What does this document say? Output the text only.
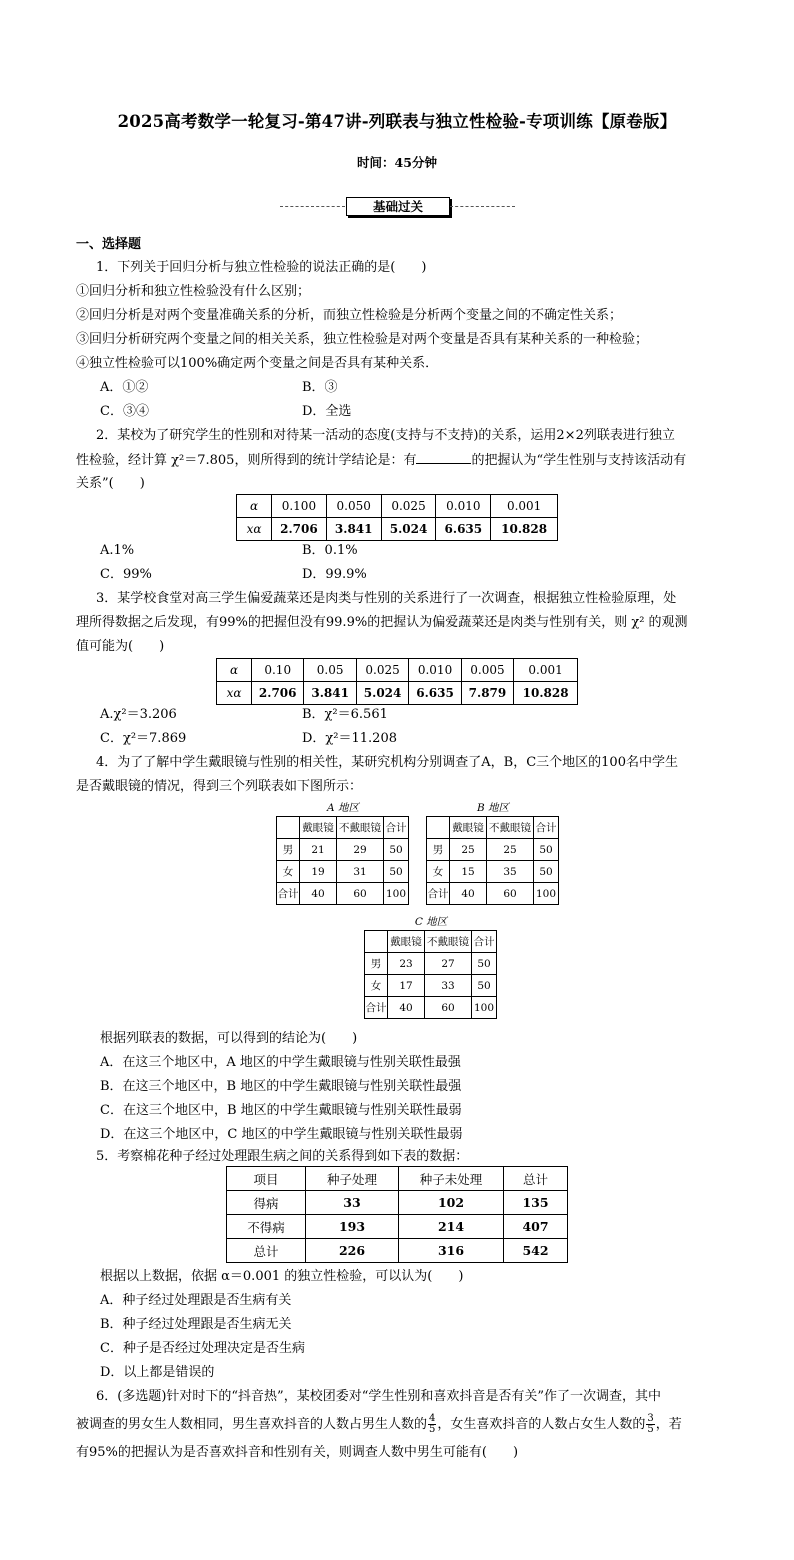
2025高考数学一轮复习-第47讲-列联表与独立性检验-专项训练【原卷版】
时间：45分钟
基础过关
一、选择题
1．下列关于回归分析与独立性检验的说法正确的是(　　)
①回归分析和独立性检验没有什么区别；
②回归分析是对两个变量准确关系的分析，而独立性检验是分析两个变量之间的不确定性关系；
③回归分析研究两个变量之间的相关关系，独立性检验是对两个变量是否具有某种关系的一种检验；
④独立性检验可以100%确定两个变量之间是否具有某种关系．
A．①②	B．③
C．③④	D．全选
2．某校为了研究学生的性别和对待某一活动的态度(支持与不支持)的关系，运用2×2列联表进行独立
性检验，经计算 χ²＝7.805，则所得到的统计学结论是：有	的把握认为“学生性别与支持该活动有
关系”(　　)
α	0.100	0.050	0.025	0.010	0.001
xα	2.706	3.841	5.024	6.635	10.828
A.1%	B．0.1%
C．99%	D．99.9%
3．某学校食堂对高三学生偏爱蔬菜还是肉类与性别的关系进行了一次调查，根据独立性检验原理，处
理所得数据之后发现，有99%的把握但没有99.9%的把握认为偏爱蔬菜还是肉类与性别有关，则 χ² 的观测
值可能为(　　)
α	0.10	0.05	0.025	0.010	0.005	0.001
xα	2.706	3.841	5.024	6.635	7.879	10.828
A.χ²＝3.206	B．χ²＝6.561
C．χ²＝7.869	D．χ²＝11.208
4．为了了解中学生戴眼镜与性别的相关性，某研究机构分别调查了A，B，C三个地区的100名中学生
是否戴眼镜的情况，得到三个列联表如下图所示：
A 地区
	戴眼镜	不戴眼镜	合计
男	21	29	50
女	19	31	50
合计	40	60	100
B 地区
	戴眼镜	不戴眼镜	合计
男	25	25	50
女	15	35	50
合计	40	60	100
C 地区
	戴眼镜	不戴眼镜	合计
男	23	27	50
女	17	33	50
合计	40	60	100
根据列联表的数据，可以得到的结论为(　　)
A．在这三个地区中，A 地区的中学生戴眼镜与性别关联性最强
B．在这三个地区中，B 地区的中学生戴眼镜与性别关联性最强
C．在这三个地区中，B 地区的中学生戴眼镜与性别关联性最弱
D．在这三个地区中，C 地区的中学生戴眼镜与性别关联性最弱
5．考察棉花种子经过处理跟生病之间的关系得到如下表的数据：
项目	种子处理	种子未处理	总计
得病	33	102	135
不得病	193	214	407
总计	226	316	542
根据以上数据，依据 α＝0.001 的独立性检验，可以认为(　　)
A．种子经过处理跟是否生病有关
B．种子经过处理跟是否生病无关
C．种子是否经过处理决定是否生病
D．以上都是错误的
6．(多选题)针对时下的“抖音热”，某校团委对“学生性别和喜欢抖音是否有关”作了一次调查，其中
被调查的男女生人数相同，男生喜欢抖音的人数占男生人数的 $\frac{4}{5}$ ，女生喜欢抖音的人数占女生人数的 $\frac{3}{5}$ ，若
有95%的把握认为是否喜欢抖音和性别有关，则调查人数中男生可能有(　　)
